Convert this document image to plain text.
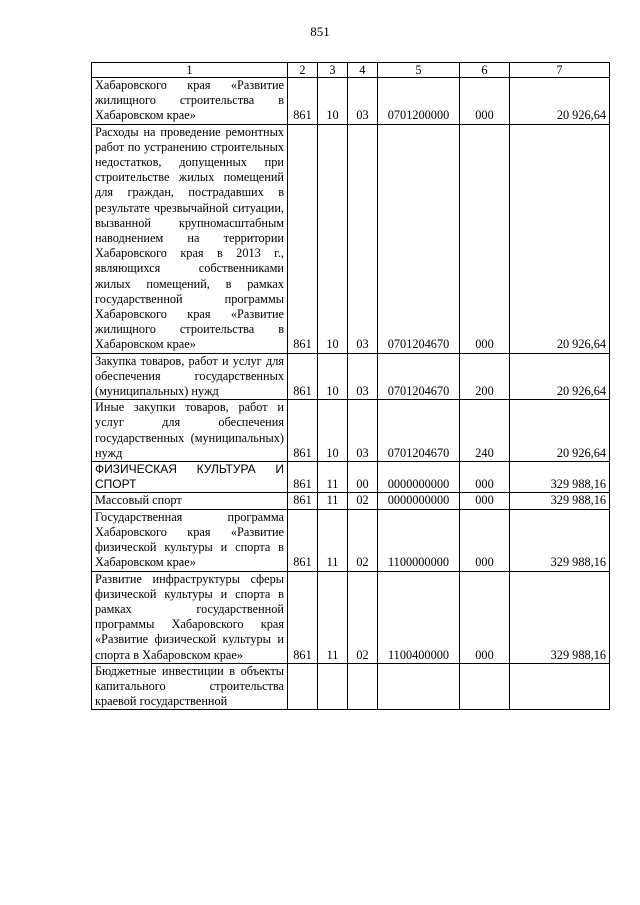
851
1	2	3	4	5	6	7
Хабаровского края «Развитие жилищного строительства в Хабаровском крае»	861	10	03	0701200000	000	20 926,64
Расходы на проведение ремонтных работ по устранению строительных недостатков, допущенных при строительстве жилых помещений для граждан, пострадавших в результате чрезвычайной ситуации, вызванной крупномасштабным наводнением на территории Хабаровского края в 2013 г., являющихся собственниками жилых помещений, в рамках государственной программы Хабаровского края «Развитие жилищного строительства в Хабаровском крае»	861	10	03	0701204670	000	20 926,64
Закупка товаров, работ и услуг для обеспечения государственных (муниципальных) нужд	861	10	03	0701204670	200	20 926,64
Иные закупки товаров, работ и услуг для обеспечения государственных (муниципальных) нужд	861	10	03	0701204670	240	20 926,64
ФИЗИЧЕСКАЯ КУЛЬТУРА И СПОРТ	861	11	00	0000000000	000	329 988,16
Массовый спорт	861	11	02	0000000000	000	329 988,16
Государственная программа Хабаровского края «Развитие физической культуры и спорта в Хабаровском крае»	861	11	02	1100000000	000	329 988,16
Развитие инфраструктуры сферы физической культуры и спорта в рамках государственной программы Хабаровского края «Развитие физической культуры и спорта в Хабаровском крае»	861	11	02	1100400000	000	329 988,16
Бюджетные инвестиции в объекты капитального строительства краевой государственной						
